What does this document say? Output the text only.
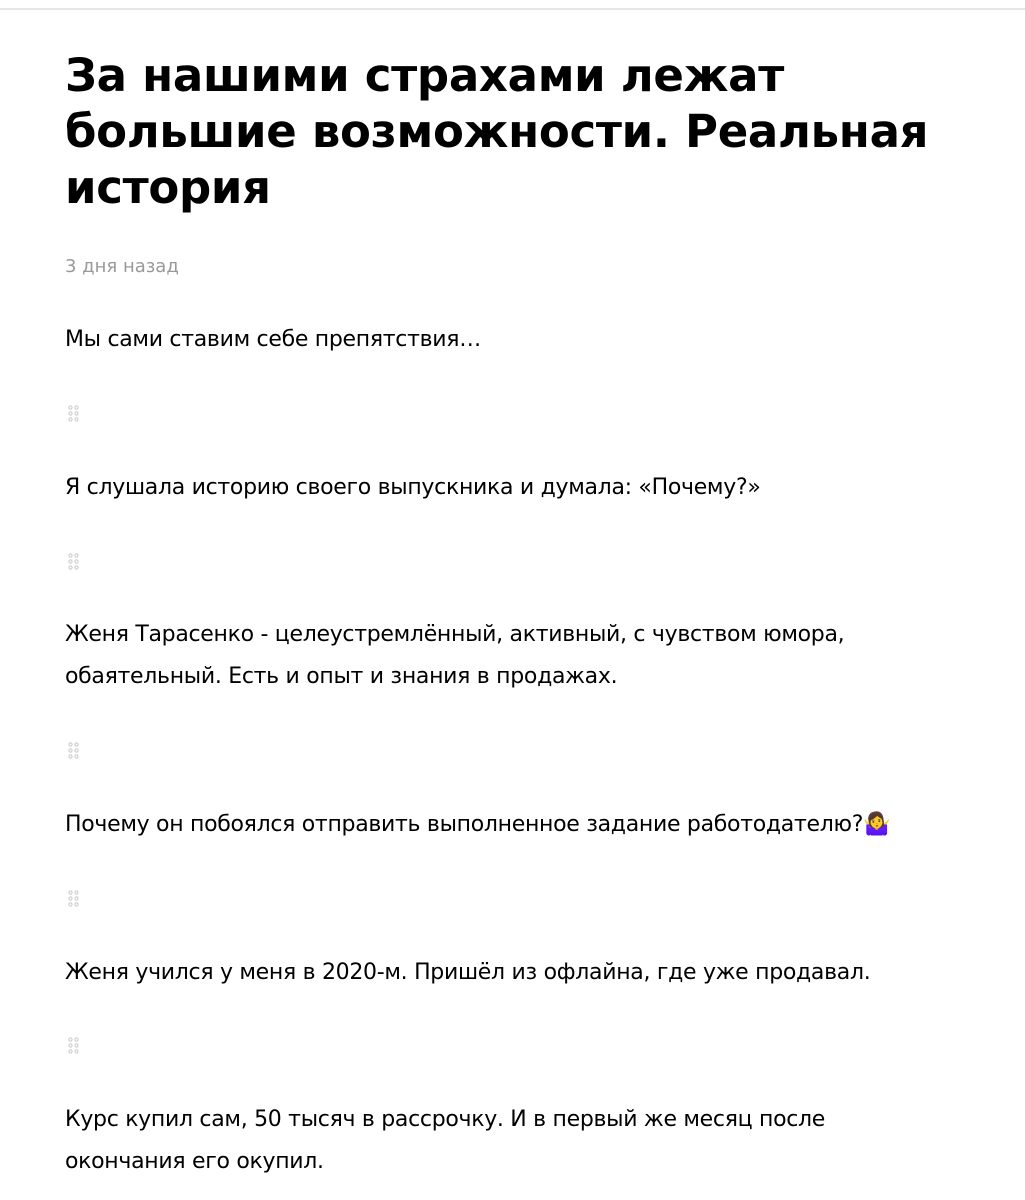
За нашими страхами лежат большие возможности. Реальная история
3 дня назад

Мы сами ставим себе препятствия…

Я слушала историю своего выпускника и думала: «Почему?»

Женя Тарасенко - целеустремлённый, активный, с чувством юмора, обаятельный. Есть и опыт и знания в продажах.

Почему он побоялся отправить выполненное задание работодателю?🤷‍♀️

Женя учился у меня в 2020-м. Пришёл из офлайна, где уже продавал.

Курс купил сам, 50 тысяч в рассрочку. И в первый же месяц после окончания его окупил.
